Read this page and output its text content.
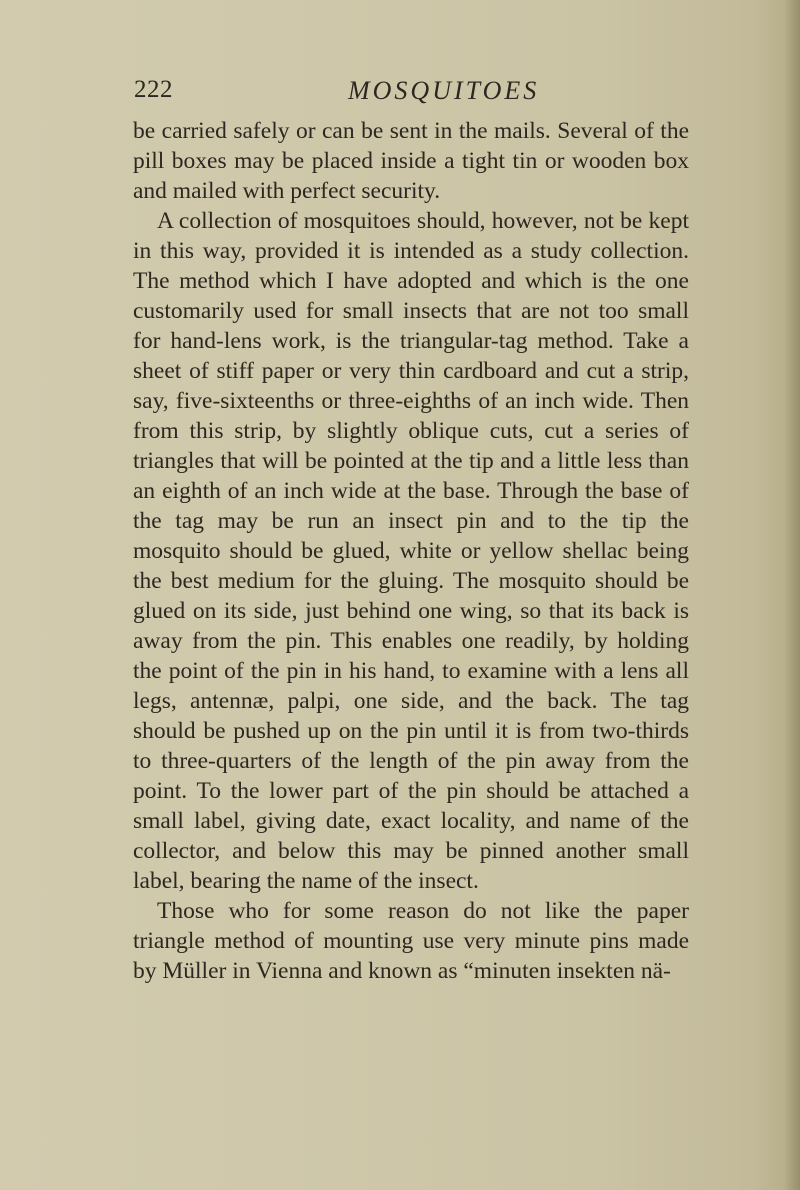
222	MOSQUITOES

be carried safely or can be sent in the mails. Several of the pill boxes may be placed inside a tight tin or wooden box and mailed with perfect security.

A collection of mosquitoes should, however, not be kept in this way, provided it is intended as a study collection. The method which I have adopted and which is the one customarily used for small insects that are not too small for hand-lens work, is the triangular-tag method. Take a sheet of stiff paper or very thin cardboard and cut a strip, say, five-sixteenths or three-eighths of an inch wide. Then from this strip, by slightly oblique cuts, cut a series of triangles that will be pointed at the tip and a little less than an eighth of an inch wide at the base. Through the base of the tag may be run an insect pin and to the tip the mosquito should be glued, white or yellow shellac being the best medium for the gluing. The mosquito should be glued on its side, just behind one wing, so that its back is away from the pin. This enables one readily, by holding the point of the pin in his hand, to examine with a lens all legs, antennæ, palpi, one side, and the back. The tag should be pushed up on the pin until it is from two-thirds to three-quarters of the length of the pin away from the point. To the lower part of the pin should be attached a small label, giving date, exact locality, and name of the collector, and below this may be pinned another small label, bearing the name of the insect.

Those who for some reason do not like the paper triangle method of mounting use very minute pins made by Müller in Vienna and known as “minuten insekten nä-
